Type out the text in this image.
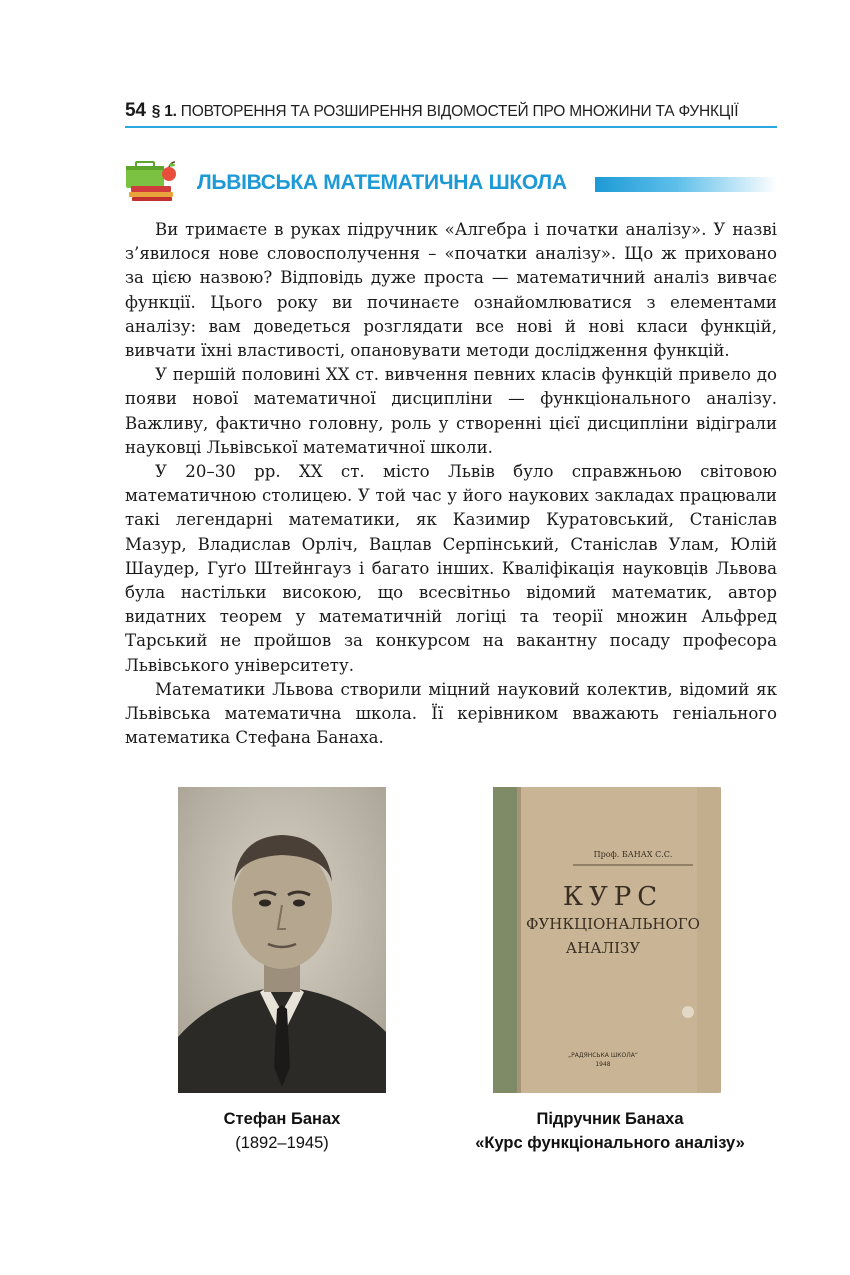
54 § 1. ПОВТОРЕННЯ ТА РОЗШИРЕННЯ ВІДОМОСТЕЙ ПРО МНОЖИНИ ТА ФУНКЦІЇ
ЛЬВІВСЬКА МАТЕМАТИЧНА ШКОЛА

Ви тримаєте в руках підручник «Алгебра і початки аналізу». У назві з’явилося нове словосполучення – «початки аналізу». Що ж приховано за цією назвою? Відповідь дуже проста — математичний аналіз вивчає функції. Цього року ви починаєте ознайомлюватися з елементами аналізу: вам доведеться розглядати все нові й нові класи функцій, вивчати їхні властивості, опановувати методи дослідження функцій.

У першій половині XX ст. вивчення певних класів функцій привело до появи нової математичної дисципліни — функціонального аналізу. Важливу, фактично головну, роль у створенні цієї дисципліни відіграли науковці Львівської математичної школи.

У 20–30 рр. XX ст. місто Львів було справжньою світовою математичною столицею. У той час у його наукових закладах працювали такі легендарні математики, як Казимир Куратовський, Станіслав Мазур, Владислав Орліч, Вацлав Серпінський, Станіслав Улам, Юлій Шаудер, Гуґо Штейнгауз і багато інших. Кваліфікація науковців Львова була настільки високою, що всесвітньо відомий математик, автор видатних теорем у математичній логіці та теорії множин Альфред Тарський не пройшов за конкурсом на вакантну посаду професора Львівського університету.

Математики Львова створили міцний науковий колектив, відомий як Львівська математична школа. Її керівником вважають геніального математика Стефана Банаха.

Проф. БАНАХ С.С.
КУРС
ФУНКЦІОНАЛЬНОГО
АНАЛІЗУ
„РАДЯНСЬКА ШКОЛА“
1948
Стефан Банах
(1892–1945)
Підручник Банаха
«Курс функціонального аналізу»
